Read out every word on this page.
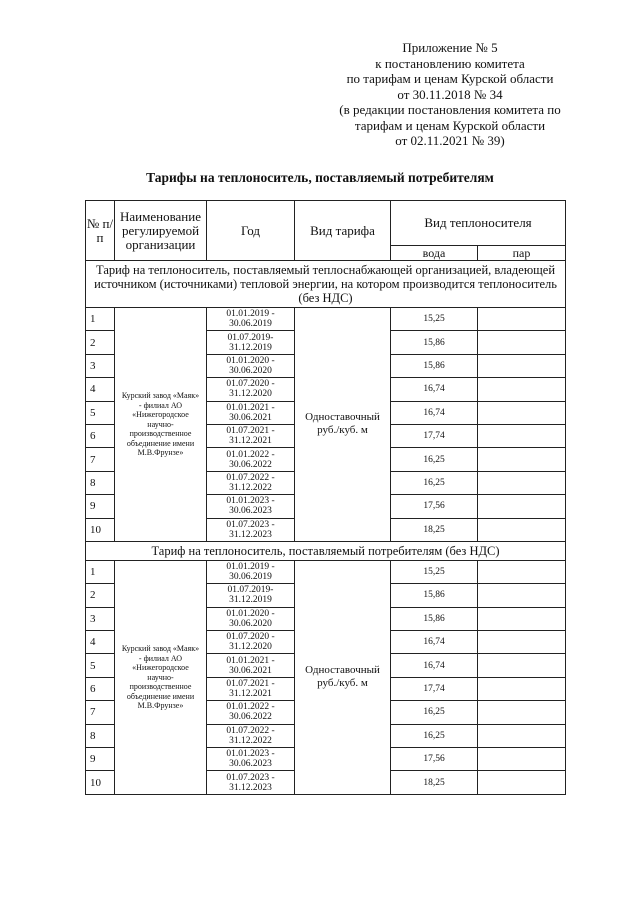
Приложение № 5
к постановлению комитета
по тарифам и ценам Курской области
от 30.11.2018 № 34
(в редакции постановления комитета по
тарифам и ценам Курской области
от 02.11.2021 № 39)
Тарифы на теплоноситель, поставляемый потребителям
№ п/п	Наименование регулируемой организации	Год	Вид тарифа	Вид теплоносителя	
				вода	пар
Тариф на теплоноситель, поставляемый теплоснабжающей организацией, владеющей источником (источниками) тепловой энергии, на котором производится теплоноситель (без НДС)					
1	Курский завод «Маяк» - филиал АО «Нижегородское научно-производственное объединение имени М.В.Фрунзе»	01.01.2019 - 30.06.2019	Одноставочный руб./куб. м	15,25	
2		01.07.2019- 31.12.2019		15,86	
3		01.01.2020 - 30.06.2020		15,86	
4		01.07.2020 - 31.12.2020		16,74	
5		01.01.2021 - 30.06.2021		16,74	
6		01.07.2021 - 31.12.2021		17,74	
7		01.01.2022 - 30.06.2022		16,25	
8		01.07.2022 - 31.12.2022		16,25	
9		01.01.2023 - 30.06.2023		17,56	
10		01.07.2023 - 31.12.2023		18,25	
Тариф на теплоноситель, поставляемый потребителям (без НДС)					
1	Курский завод «Маяк» - филиал АО «Нижегородское научно-производственное объединение имени М.В.Фрунзе»	01.01.2019 - 30.06.2019	Одноставочный руб./куб. м	15,25	
2		01.07.2019- 31.12.2019		15,86	
3		01.01.2020 - 30.06.2020		15,86	
4		01.07.2020 - 31.12.2020		16,74	
5		01.01.2021 - 30.06.2021		16,74	
6		01.07.2021 - 31.12.2021		17,74	
7		01.01.2022 - 30.06.2022		16,25	
8		01.07.2022 - 31.12.2022		16,25	
9		01.01.2023 - 30.06.2023		17,56	
10		01.07.2023 - 31.12.2023		18,25	
